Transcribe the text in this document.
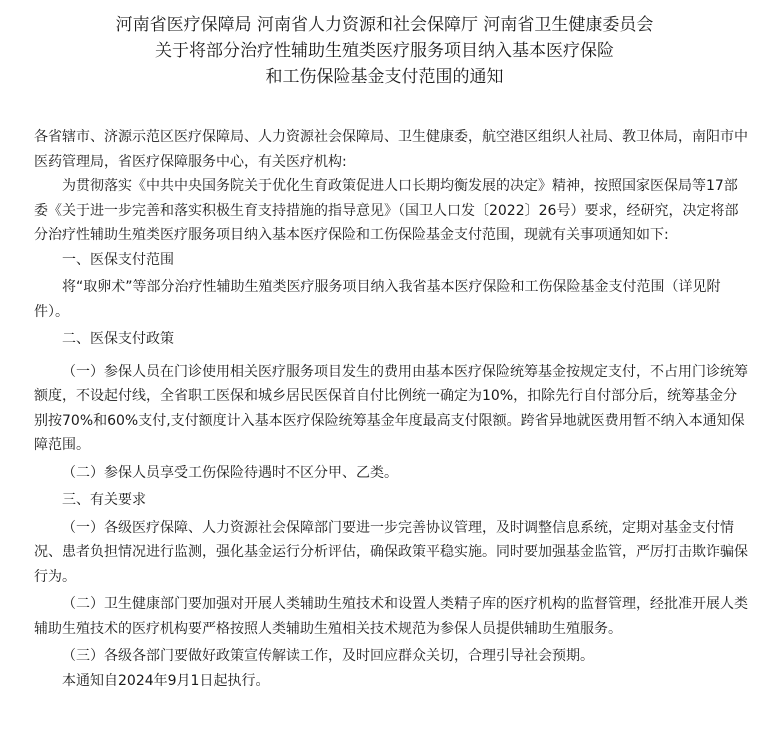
河南省医疗保障局 河南省人力资源和社会保障厅 河南省卫生健康委员会
关于将部分治疗性辅助生殖类医疗服务项目纳入基本医疗保险
和工伤保险基金支付范围的通知

各省辖市、济源示范区医疗保障局、人力资源社会保障局、卫生健康委，航空港区组织人社局、教卫体局，南阳市中医药管理局，省医疗保障服务中心，有关医疗机构:

为贯彻落实《中共中央国务院关于优化生育政策促进人口长期均衡发展的决定》精神，按照国家医保局等17部委《关于进一步完善和落实积极生育支持措施的指导意见》（国卫人口发〔2022〕26号）要求，经研究，决定将部分治疗性辅助生殖类医疗服务项目纳入基本医疗保险和工伤保险基金支付范围，现就有关事项通知如下:

一、医保支付范围

将“取卵术”等部分治疗性辅助生殖类医疗服务项目纳入我省基本医疗保险和工伤保险基金支付范围（详见附件）。

二、医保支付政策

（一）参保人员在门诊使用相关医疗服务项目发生的费用由基本医疗保险统筹基金按规定支付，不占用门诊统筹额度，不设起付线，全省职工医保和城乡居民医保首自付比例统一确定为10%，扣除先行自付部分后，统筹基金分别按70%和60%支付,支付额度计入基本医疗保险统筹基金年度最高支付限额。跨省异地就医费用暂不纳入本通知保障范围。

（二）参保人员享受工伤保险待遇时不区分甲、乙类。

三、有关要求

（一）各级医疗保障、人力资源社会保障部门要进一步完善协议管理，及时调整信息系统，定期对基金支付情况、患者负担情况进行监测，强化基金运行分析评估，确保政策平稳实施。同时要加强基金监管，严厉打击欺诈骗保行为。

（二）卫生健康部门要加强对开展人类辅助生殖技术和设置人类精子库的医疗机构的监督管理，经批准开展人类辅助生殖技术的医疗机构要严格按照人类辅助生殖相关技术规范为参保人员提供辅助生殖服务。

（三）各级各部门要做好政策宣传解读工作，及时回应群众关切，合理引导社会预期。

本通知自2024年9月1日起执行。
